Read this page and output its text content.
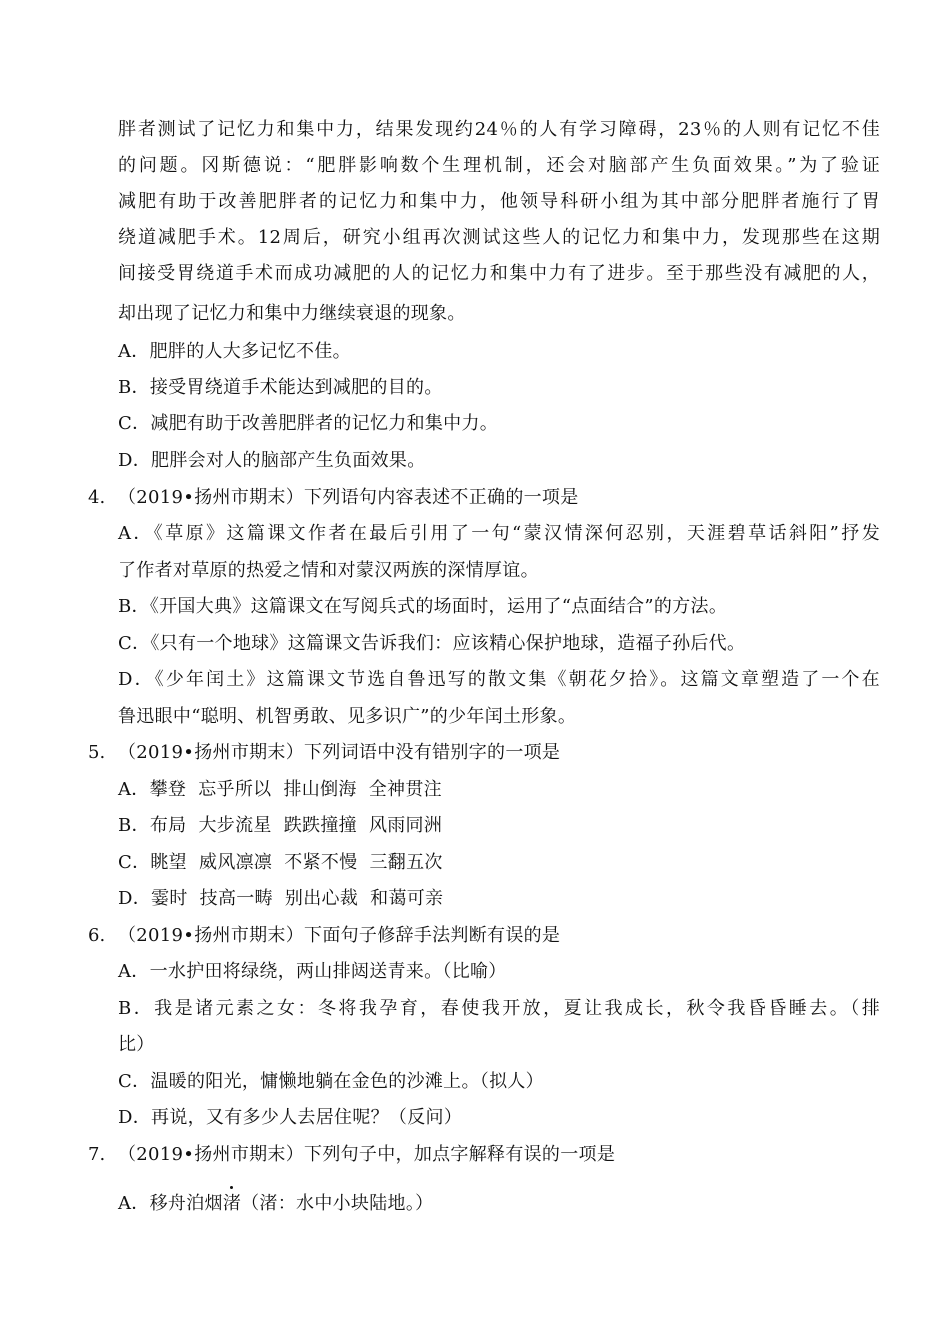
胖者测试了记忆力和集中力，结果发现约24％的人有学习障碍，23％的人则有记忆不佳
的问题。冈斯德说：“肥胖影响数个生理机制，还会对脑部产生负面效果。”为了验证
减肥有助于改善肥胖者的记忆力和集中力，他领导科研小组为其中部分肥胖者施行了胃
绕道减肥手术。12周后，研究小组再次测试这些人的记忆力和集中力，发现那些在这期
间接受胃绕道手术而成功减肥的人的记忆力和集中力有了进步。至于那些没有减肥的人，
却出现了记忆力和集中力继续衰退的现象。
A．肥胖的人大多记忆不佳。
B．接受胃绕道手术能达到减肥的目的。
C．减肥有助于改善肥胖者的记忆力和集中力。
D．肥胖会对人的脑部产生负面效果。
4. （2019•扬州市期末）下列语句内容表述不正确的一项是
A．《草原》这篇课文作者在最后引用了一句“蒙汉情深何忍别，天涯碧草话斜阳”抒发
了作者对草原的热爱之情和对蒙汉两族的深情厚谊。
B．《开国大典》这篇课文在写阅兵式的场面时，运用了“点面结合”的方法。
C．《只有一个地球》这篇课文告诉我们：应该精心保护地球，造福子孙后代。
D．《少年闰土》这篇课文节选自鲁迅写的散文集《朝花夕拾》。这篇文章塑造了一个在
鲁迅眼中“聪明、机智勇敢、见多识广”的少年闰土形象。
5. （2019•扬州市期末）下列词语中没有错别字的一项是
A．攀登  忘乎所以  排山倒海  全神贯注
B．布局  大步流星  跌跌撞撞  风雨同洲
C．眺望  威风凛凛  不紧不慢  三翻五次
D．霎时  技高一畴  别出心裁  和蔼可亲
6. （2019•扬州市期末）下面句子修辞手法判断有误的是
A．一水护田将绿绕，两山排闼送青来。（比喻）
B．我是诸元素之女：冬将我孕育，春使我开放，夏让我成长，秋令我昏昏睡去。（排
比）
C．温暖的阳光，慵懒地躺在金色的沙滩上。（拟人）
D．再说，又有多少人去居住呢？（反问）
7. （2019•扬州市期末）下列句子中，加点字解释有误的一项是
A．移舟泊烟渚（渚：水中小块陆地。）
